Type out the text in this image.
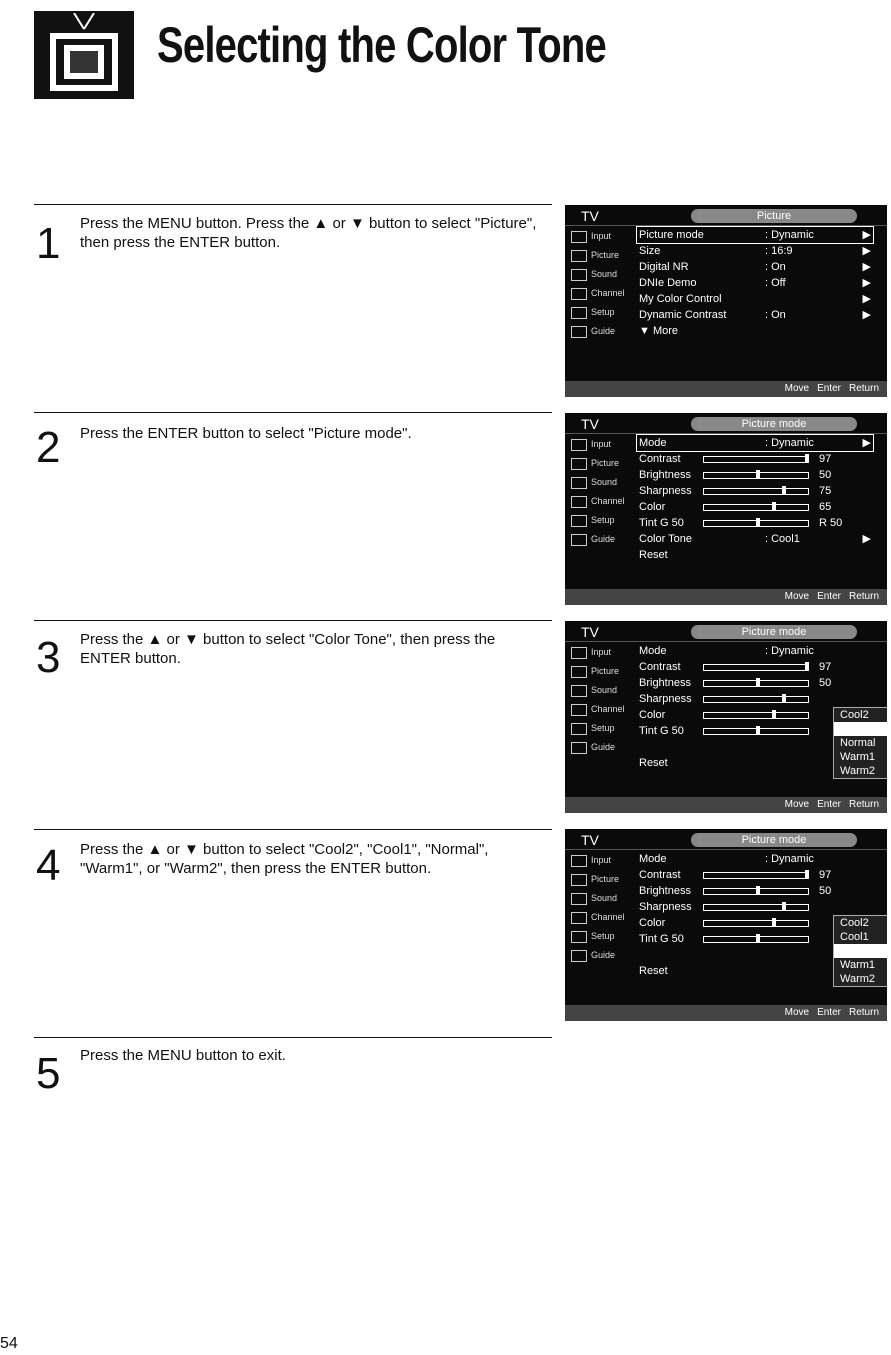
Selecting the Color Tone
1 Press the MENU button. Press the ▲ or ▼ button to select "Picture", then press the ENTER button.
2 Press the ENTER button to select "Picture mode".
3 Press the ▲ or ▼ button to select "Color Tone", then press the ENTER button.
4 Press the ▲ or ▼ button to select "Cool2", "Cool1", "Normal", "Warm1", or "Warm2", then press the ENTER button.
5 Press the MENU button to exit.
TV	Picture
Input
Picture
Sound
Channel
Setup
Guide
Picture mode	: Dynamic	▶
Size	: 16:9	▶
Digital NR	: On	▶
DNIe Demo	: Off	▶
My Color Control	▶
Dynamic Contrast	: On	▶
▼ More
Move Enter Return
TV	Picture mode
Input
Picture
Sound
Channel
Setup
Guide
Mode	: Dynamic	▶
Contrast	97
Brightness	50
Sharpness	75
Color	65
Tint G 50	R 50
Color Tone	: Cool1	▶
Reset
Move Enter Return
TV	Picture mode
Input
Picture
Sound
Channel
Setup
Guide
Mode	: Dynamic
Contrast	97
Brightness	50
Sharpness
Color
Tint G 50
Reset
Cool2
Normal
Warm1
Warm2
Move Enter Return
TV	Picture mode
Input
Picture
Sound
Channel
Setup
Guide
Mode	: Dynamic
Contrast	97
Brightness	50
Sharpness
Color
Tint G 50
Reset
Cool2
Cool1
Warm1
Warm2
Move Enter Return
54
